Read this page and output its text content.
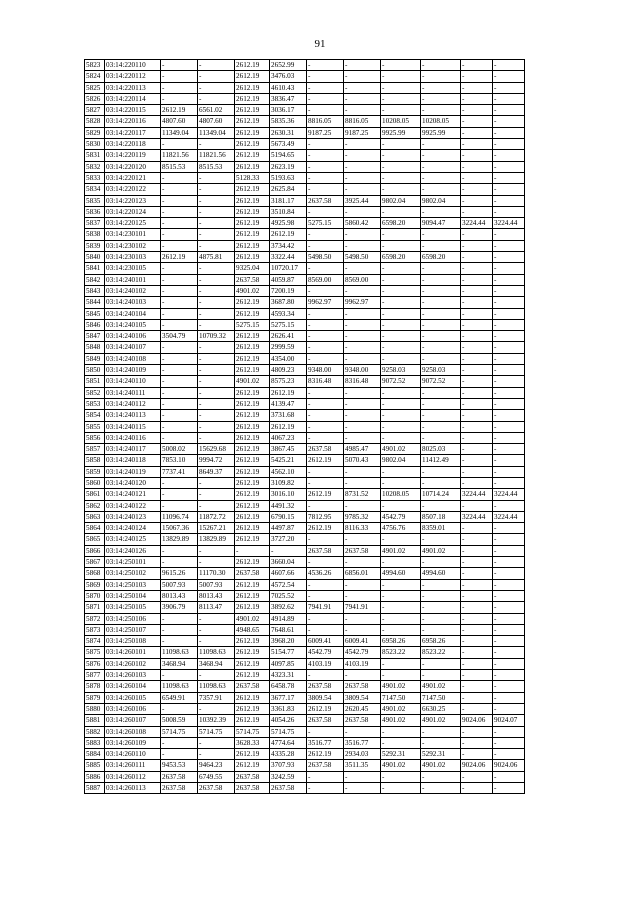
91
5823	03:14:220110	-	-	2612.19	2652.99	-	-	-	-	-	-
5824	03:14:220112	-	-	2612.19	3476.03	-	-	-	-	-	-
5825	03:14:220113	-	-	2612.19	4610.43	-	-	-	-	-	-
5826	03:14:220114	-	-	2612.19	3836.47	-	-	-	-	-	-
5827	03:14:220115	2612.19	6561.02	2612.19	3036.17	-	-	-	-	-	-
5828	03:14:220116	4807.60	4807.60	2612.19	5835.36	8816.05	8816.05	10208.05	10208.05	-	-
5829	03:14:220117	11349.04	11349.04	2612.19	2630.31	9187.25	9187.25	9925.99	9925.99	-	-
5830	03:14:220118	-	-	2612.19	5673.49	-	-	-	-	-	-
5831	03:14:220119	11821.56	11821.56	2612.19	5194.65	-	-	-	-	-	-
5832	03:14:220120	8515.53	8515.53	2612.19	2623.19	-	-	-	-	-	-
5833	03:14:220121	-	-	5128.33	5193.63	-	-	-	-	-	-
5834	03:14:220122	-	-	2612.19	2625.84	-	-	-	-	-	-
5835	03:14:220123	-	-	2612.19	3181.17	2637.58	3925.44	9802.04	9802.04	-	-
5836	03:14:220124	-	-	2612.19	3510.84	-	-	-	-	-	-
5837	03:14:220125	-	-	2612.19	4925.98	5275.15	5860.42	6598.20	9094.47	3224.44	3224.44
5838	03:14:230101	-	-	2612.19	2612.19	-	-	-	-	-	-
5839	03:14:230102	-	-	2612.19	3734.42	-	-	-	-	-	-
5840	03:14:230103	2612.19	4875.81	2612.19	3322.44	5498.50	5498.50	6598.20	6598.20	-	-
5841	03:14:230105	-	-	9325.04	10720.17	-	-	-	-	-	-
5842	03:14:240101	-	-	2637.58	4059.87	8569.00	8569.00	-	-	-	-
5843	03:14:240102	-	-	4901.02	7200.19	-	-	-	-	-	-
5844	03:14:240103	-	-	2612.19	3687.80	9962.97	9962.97	-	-	-	-
5845	03:14:240104	-	-	2612.19	4593.34	-	-	-	-	-	-
5846	03:14:240105	-	-	5275.15	5275.15	-	-	-	-	-	-
5847	03:14:240106	3504.79	10709.32	2612.19	2626.41	-	-	-	-	-	-
5848	03:14:240107	-	-	2612.19	2999.59	-	-	-	-	-	-
5849	03:14:240108	-	-	2612.19	4354.00	-	-	-	-	-	-
5850	03:14:240109	-	-	2612.19	4809.23	9348.00	9348.00	9258.03	9258.03	-	-
5851	03:14:240110	-	-	4901.02	8575.23	8316.48	8316.48	9072.52	9072.52	-	-
5852	03:14:240111	-	-	2612.19	2612.19	-	-	-	-	-	-
5853	03:14:240112	-	-	2612.19	4139.47	-	-	-	-	-	-
5854	03:14:240113	-	-	2612.19	3731.68	-	-	-	-	-	-
5855	03:14:240115	-	-	2612.19	2612.19	-	-	-	-	-	-
5856	03:14:240116	-	-	2612.19	4067.23	-	-	-	-	-	-
5857	03:14:240117	5008.02	15629.68	2612.19	3867.45	2637.58	4985.47	4901.02	8025.03	-	-
5858	03:14:240118	7853.10	9994.72	2612.19	5425.21	2612.19	5070.43	9802.04	11412.49	-	-
5859	03:14:240119	7737.41	8649.37	2612.19	4562.10	-	-	-	-	-	-
5860	03:14:240120	-	-	2612.19	3109.82	-	-	-	-	-	-
5861	03:14:240121	-	-	2612.19	3016.10	2612.19	8731.52	10208.05	10714.24	3224.44	3224.44
5862	03:14:240122	-	-	2612.19	4491.32	-	-	-	-	-	-
5863	03:14:240123	11096.74	11872.72	2612.19	6790.15	7812.95	9785.32	4542.79	8507.18	3224.44	3224.44
5864	03:14:240124	15067.36	15267.21	2612.19	4497.87	2612.19	8116.33	4756.76	8359.01	-	-
5865	03:14:240125	13829.89	13829.89	2612.19	3727.20	-	-	-	-	-	-
5866	03:14:240126	-	-	-	-	2637.58	2637.58	4901.02	4901.02	-	-
5867	03:14:250101	-	-	2612.19	3660.04	-	-	-	-	-	-
5868	03:14:250102	9615.26	11170.30	2637.58	4607.66	4536.26	6856.01	4994.60	4994.60	-	-
5869	03:14:250103	5007.93	5007.93	2612.19	4572.54	-	-	-	-	-	-
5870	03:14:250104	8013.43	8013.43	2612.19	7025.52	-	-	-	-	-	-
5871	03:14:250105	3906.79	8113.47	2612.19	3892.62	7941.91	7941.91	-	-	-	-
5872	03:14:250106	-	-	4901.02	4914.89	-	-	-	-	-	-
5873	03:14:250107	-	-	4948.65	7648.61	-	-	-	-	-	-
5874	03:14:250108	-	-	2612.19	3968.20	6009.41	6009.41	6958.26	6958.26	-	-
5875	03:14:260101	11098.63	11098.63	2612.19	5154.77	4542.79	4542.79	8523.22	8523.22	-	-
5876	03:14:260102	3468.94	3468.94	2612.19	4097.85	4103.19	4103.19	-	-	-	-
5877	03:14:260103	-	-	2612.19	4323.31	-	-	-	-	-	-
5878	03:14:260104	11098.63	11098.63	2637.58	6458.78	2637.58	2637.58	4901.02	4901.02	-	-
5879	03:14:260105	6549.91	7357.91	2612.19	3677.17	3809.54	3809.54	7147.50	7147.50	-	-
5880	03:14:260106	-	-	2612.19	3361.83	2612.19	2620.45	4901.02	6630.25	-	-
5881	03:14:260107	5008.59	10392.39	2612.19	4054.26	2637.58	2637.58	4901.02	4901.02	9024.06	9024.07
5882	03:14:260108	5714.75	5714.75	5714.75	5714.75	-	-	-	-	-	-
5883	03:14:260109	-	-	3628.33	4774.64	3516.77	3516.77	-	-	-	-
5884	03:14:260110	-	-	2612.19	4335.28	2612.19	2934.03	5292.31	5292.31	-	-
5885	03:14:260111	9453.53	9464.23	2612.19	3707.93	2637.58	3511.35	4901.02	4901.02	9024.06	9024.06
5886	03:14:260112	2637.58	6749.55	2637.58	3242.59	-	-	-	-	-	-
5887	03:14:260113	2637.58	2637.58	2637.58	2637.58	-	-	-	-	-	-
